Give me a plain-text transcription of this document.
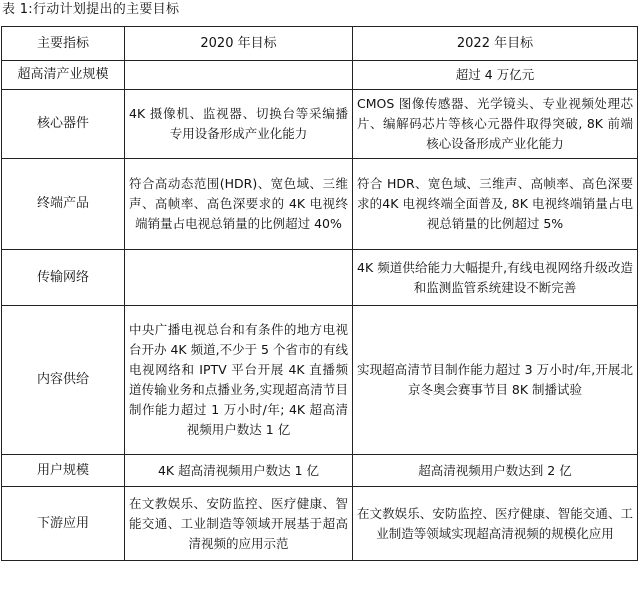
表 1:行动计划提出的主要目标
主要指标	2020 年目标	2022 年目标
超高清产业规模		超过 4 万亿元
核心器件	4K 摄像机、监视器、切换台等采编播专用设备形成产业化能力	CMOS 图像传感器、光学镜头、专业视频处理芯片、编解码芯片等核心元器件取得突破, 8K 前端核心设备形成产业化能力
终端产品	符合高动态范围(HDR)、宽色域、三维声、高帧率、高色深要求的 4K 电视终端销量占电视总销量的比例超过 40%	符合 HDR、宽色域、三维声、高帧率、高色深要求的4K 电视终端全面普及, 8K 电视终端销量占电视总销量的比例超过 5%
传输网络		4K 频道供给能力大幅提升,有线电视网络升级改造和监测监管系统建设不断完善
内容供给	中央广播电视总台和有条件的地方电视台开办 4K 频道,不少于 5 个省市的有线电视网络和 IPTV 平台开展 4K 直播频道传输业务和点播业务,实现超高清节目制作能力超过 1 万小时/年; 4K 超高清视频用户数达 1 亿	实现超高清节目制作能力超过 3 万小时/年,开展北京冬奥会赛事节目 8K 制播试验
用户规模	4K 超高清视频用户数达 1 亿	超高清视频用户数达到 2 亿
下游应用	在文教娱乐、安防监控、医疗健康、智能交通、工业制造等领域开展基于超高清视频的应用示范	在文教娱乐、安防监控、医疗健康、智能交通、工业制造等领域实现超高清视频的规模化应用
